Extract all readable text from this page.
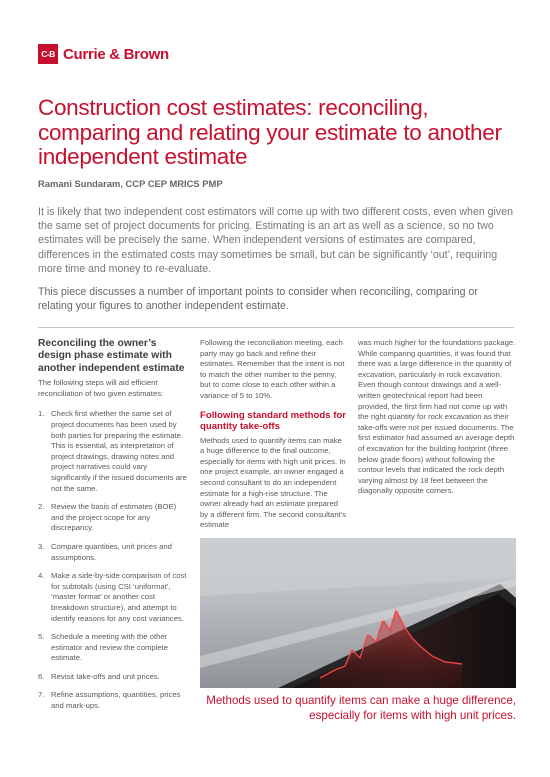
C-B Currie & Brown
Construction cost estimates: reconciling, comparing and relating your estimate to another independent estimate
Ramani Sundaram, CCP CEP MRICS PMP

It is likely that two independent cost estimators will come up with two different costs, even when given the same set of project documents for pricing. Estimating is an art as well as a science, so no two estimates will be precisely the same. When independent versions of estimates are compared, differences in the estimated costs may sometimes be small, but can be significantly ‘out’, requiring more time and money to re-evaluate.

This piece discusses a number of important points to consider when reconciling, comparing or relating your figures to another independent estimate.

Reconciling the owner’s design phase estimate with another independent estimate

The following steps will aid efficient reconciliation of two given estimates:

1. Check first whether the same set of project documents has been used by both parties for preparing the estimate. This is essential, as interpretation of project drawings, drawing notes and project narratives could vary significantly if the issued documents are not the same.
2. Review the basis of estimates (BOE) and the project scope for any discrepancy.
3. Compare quantities, unit prices and assumptions.
4. Make a side-by-side comparison of cost for subtotals (using CSI ‘uniformat’, ‘master format’ or another cost breakdown structure), and attempt to identify reasons for any cost variances.
5. Schedule a meeting with the other estimator and review the complete estimate.
6. Revisit take-offs and unit prices.
7. Refine assumptions, quantities, prices and mark-ups.

Following the reconciliation meeting, each party may go back and refine their estimates. Remember that the intent is not to match the other number to the penny, but to come close to each other within a variance of 5 to 10%.

Following standard methods for quantity take-offs

Methods used to quantify items can make a huge difference to the final outcome, especially for items with high unit prices. In one project example, an owner engaged a second consultant to do an independent estimate for a high-rise structure. The owner already had an estimate prepared by a different firm. The second consultant’s estimate

was much higher for the foundations package. While comparing quantities, it was found that there was a large difference in the quantity of excavation, particularly in rock excavation. Even though contour drawings and a well-written geotechnical report had been provided, the first firm had not come up with the right quantity for rock excavation as their take-offs were not per issued documents. The first estimator had assumed an average depth of excavation for the building footprint (three below grade floors) without following the contour levels that indicated the rock depth varying almost by 18 feet between the diagonally opposite corners.

Methods used to quantify items can make a huge difference, especially for items with high unit prices.
